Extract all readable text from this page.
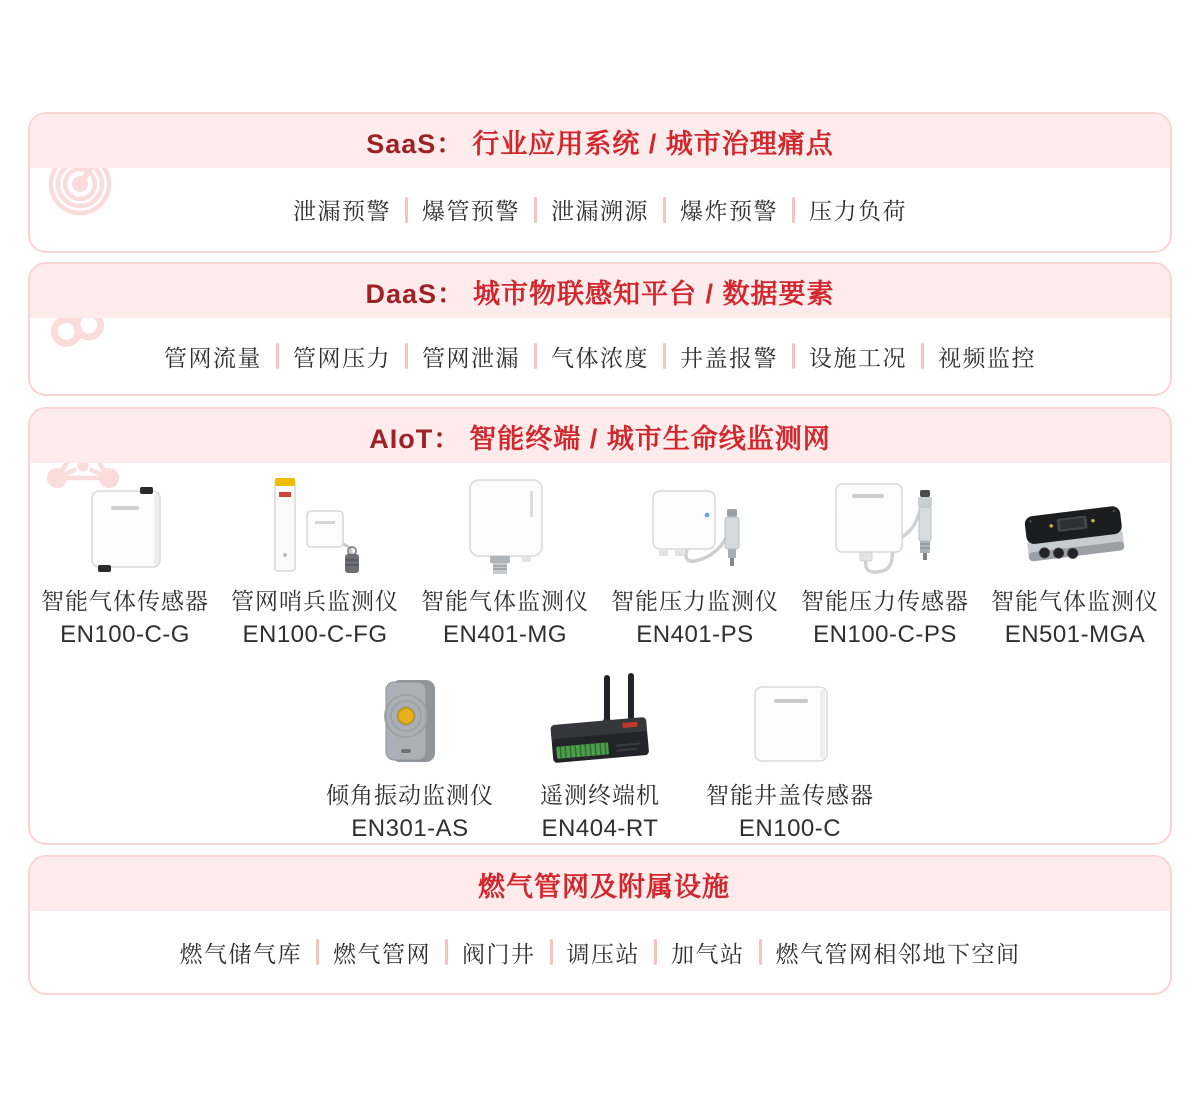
SaaS： 行业应用系统 / 城市治理痛点
泄漏预警 爆管预警 泄漏溯源 爆炸预警 压力负荷
DaaS： 城市物联感知平台 / 数据要素
管网流量 管网压力 管网泄漏 气体浓度 井盖报警 设施工况 视频监控
AIoT： 智能终端 / 城市生命线监测网
智能气体传感器
EN100-C-G
管网哨兵监测仪
EN100-C-FG
智能气体监测仪
EN401-MG
智能压力监测仪
EN401-PS
智能压力传感器
EN100-C-PS
智能气体监测仪
EN501-MGA
倾角振动监测仪
EN301-AS
遥测终端机
EN404-RT
智能井盖传感器
EN100-C
燃气管网及附属设施
燃气储气库 燃气管网 阀门井 调压站 加气站 燃气管网相邻地下空间
